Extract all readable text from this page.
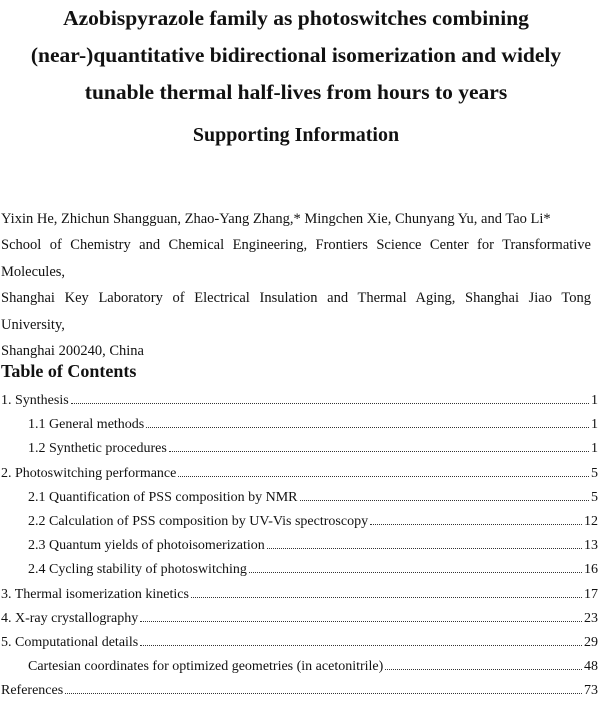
Azobispyrazole family as photoswitches combining
(near-)quantitative bidirectional isomerization and widely
tunable thermal half-lives from hours to years
Supporting Information
Yixin He, Zhichun Shangguan, Zhao-Yang Zhang,* Mingchen Xie, Chunyang Yu, and Tao Li*
School of Chemistry and Chemical Engineering, Frontiers Science Center for Transformative Molecules,
Shanghai Key Laboratory of Electrical Insulation and Thermal Aging, Shanghai Jiao Tong University,
Shanghai 200240, China
Table of Contents
1. Synthesis	1
1.1 General methods	1
1.2 Synthetic procedures	1
2. Photoswitching performance	5
2.1 Quantification of PSS composition by NMR	5
2.2 Calculation of PSS composition by UV-Vis spectroscopy	12
2.3 Quantum yields of photoisomerization	13
2.4 Cycling stability of photoswitching	16
3. Thermal isomerization kinetics	17
4. X-ray crystallography	23
5. Computational details	29
Cartesian coordinates for optimized geometries (in acetonitrile)	48
References	73
